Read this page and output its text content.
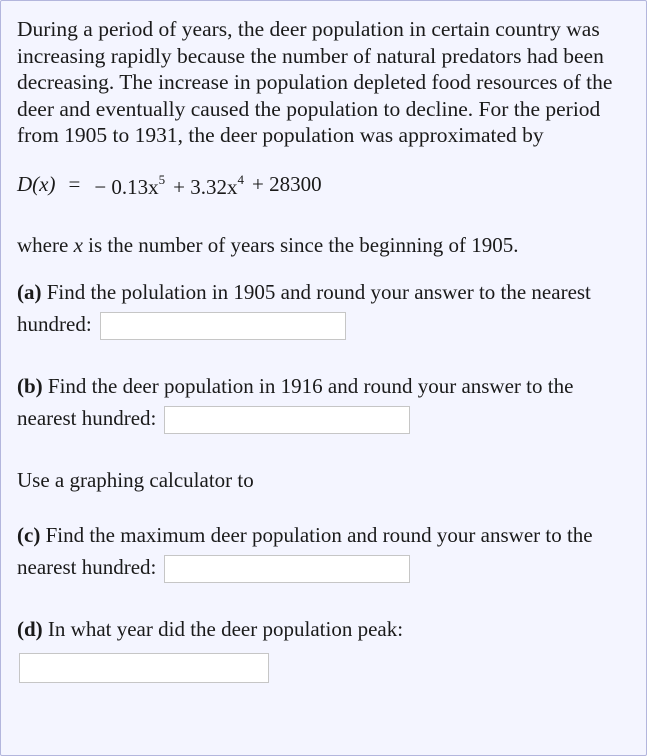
During a period of years, the deer population in certain country was increasing rapidly because the number of natural predators had been decreasing. The increase in population depleted food resources of the deer and eventually caused the population to decline. For the period from 1905 to 1931, the deer population was approximated by

D(x) = − $0.13x^5 + 3.32x^4 + 28300$

where x is the number of years since the beginning of 1905.

(a) Find the polulation in 1905 and round your answer to the nearest hundred:

(b) Find the deer population in 1916 and round your answer to the nearest hundred:

Use a graphing calculator to

(c) Find the maximum deer population and round your answer to the nearest hundred:

(d) In what year did the deer population peak:
